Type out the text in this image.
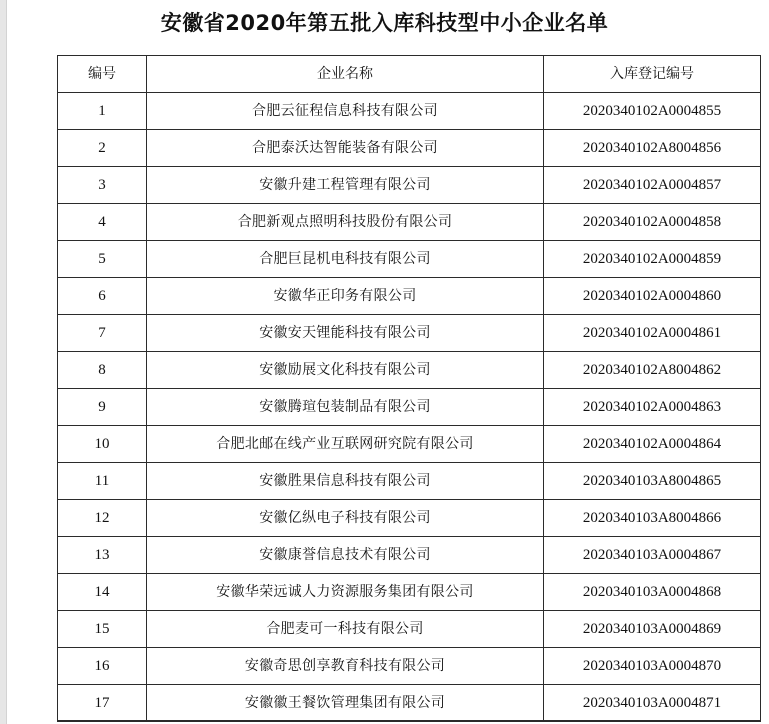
安徽省2020年第五批入库科技型中小企业名单
编号	企业名称	入库登记编号
1	合肥云征程信息科技有限公司	2020340102A0004855
2	合肥泰沃达智能装备有限公司	2020340102A8004856
3	安徽升建工程管理有限公司	2020340102A0004857
4	合肥新观点照明科技股份有限公司	2020340102A0004858
5	合肥巨昆机电科技有限公司	2020340102A0004859
6	安徽华正印务有限公司	2020340102A0004860
7	安徽安天锂能科技有限公司	2020340102A0004861
8	安徽励展文化科技有限公司	2020340102A8004862
9	安徽腾瑄包装制品有限公司	2020340102A0004863
10	合肥北邮在线产业互联网研究院有限公司	2020340102A0004864
11	安徽胜果信息科技有限公司	2020340103A8004865
12	安徽亿纵电子科技有限公司	2020340103A8004866
13	安徽康誉信息技术有限公司	2020340103A0004867
14	安徽华荣远诚人力资源服务集团有限公司	2020340103A0004868
15	合肥麦可一科技有限公司	2020340103A0004869
16	安徽奇思创享教育科技有限公司	2020340103A0004870
17	安徽徽王餐饮管理集团有限公司	2020340103A0004871
